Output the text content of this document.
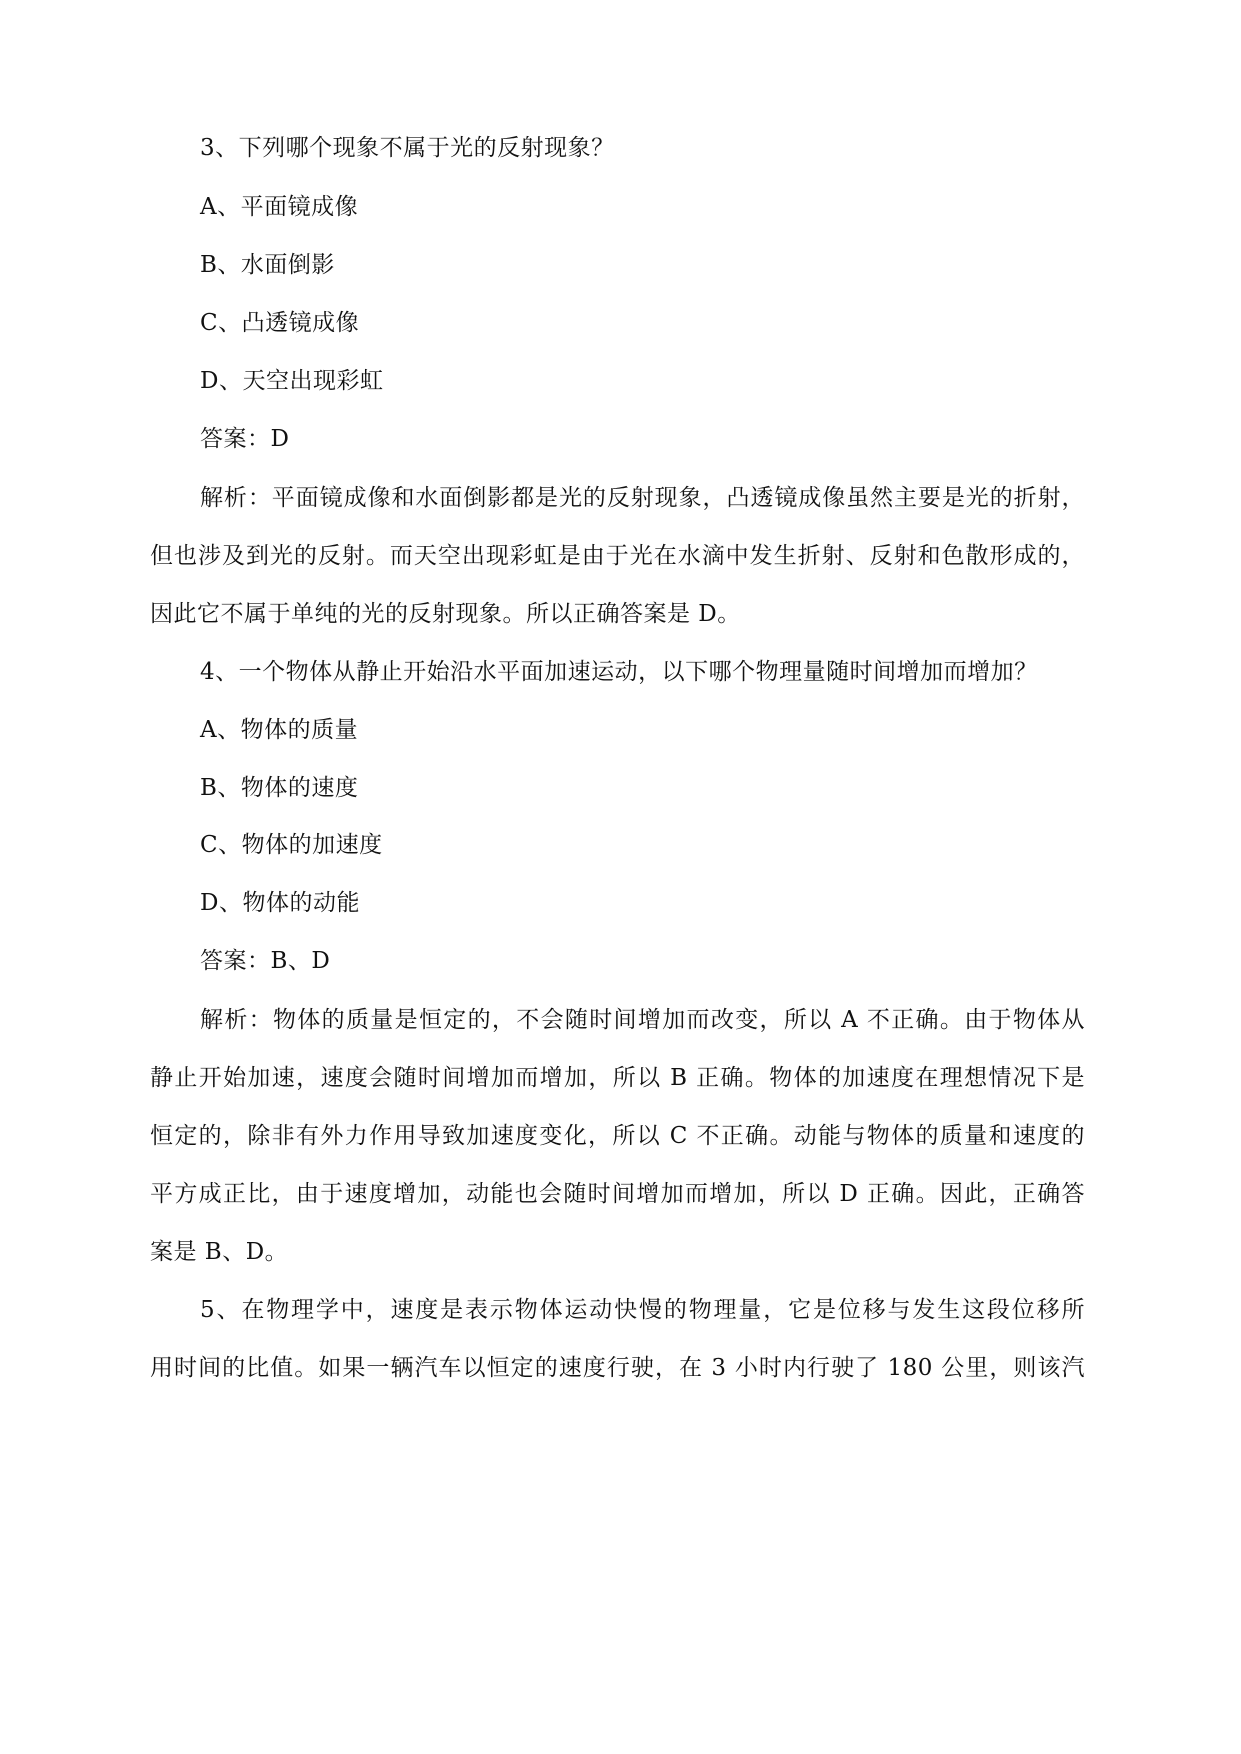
3、下列哪个现象不属于光的反射现象？
A、平面镜成像
B、水面倒影
C、凸透镜成像
D、天空出现彩虹
答案：D
解析：平面镜成像和水面倒影都是光的反射现象，凸透镜成像虽然主要是光的折射，
但也涉及到光的反射。而天空出现彩虹是由于光在水滴中发生折射、反射和色散形成的，
因此它不属于单纯的光的反射现象。所以正确答案是 D。
4、一个物体从静止开始沿水平面加速运动，以下哪个物理量随时间增加而增加？
A、物体的质量
B、物体的速度
C、物体的加速度
D、物体的动能
答案：B、D
解析：物体的质量是恒定的，不会随时间增加而改变，所以 A 不正确。由于物体从
静止开始加速，速度会随时间增加而增加，所以 B 正确。物体的加速度在理想情况下是
恒定的，除非有外力作用导致加速度变化，所以 C 不正确。动能与物体的质量和速度的
平方成正比，由于速度增加，动能也会随时间增加而增加，所以 D 正确。因此，正确答
案是 B、D。
5、在物理学中，速度是表示物体运动快慢的物理量，它是位移与发生这段位移所
用时间的比值。如果一辆汽车以恒定的速度行驶，在 3 小时内行驶了 180 公里，则该汽
